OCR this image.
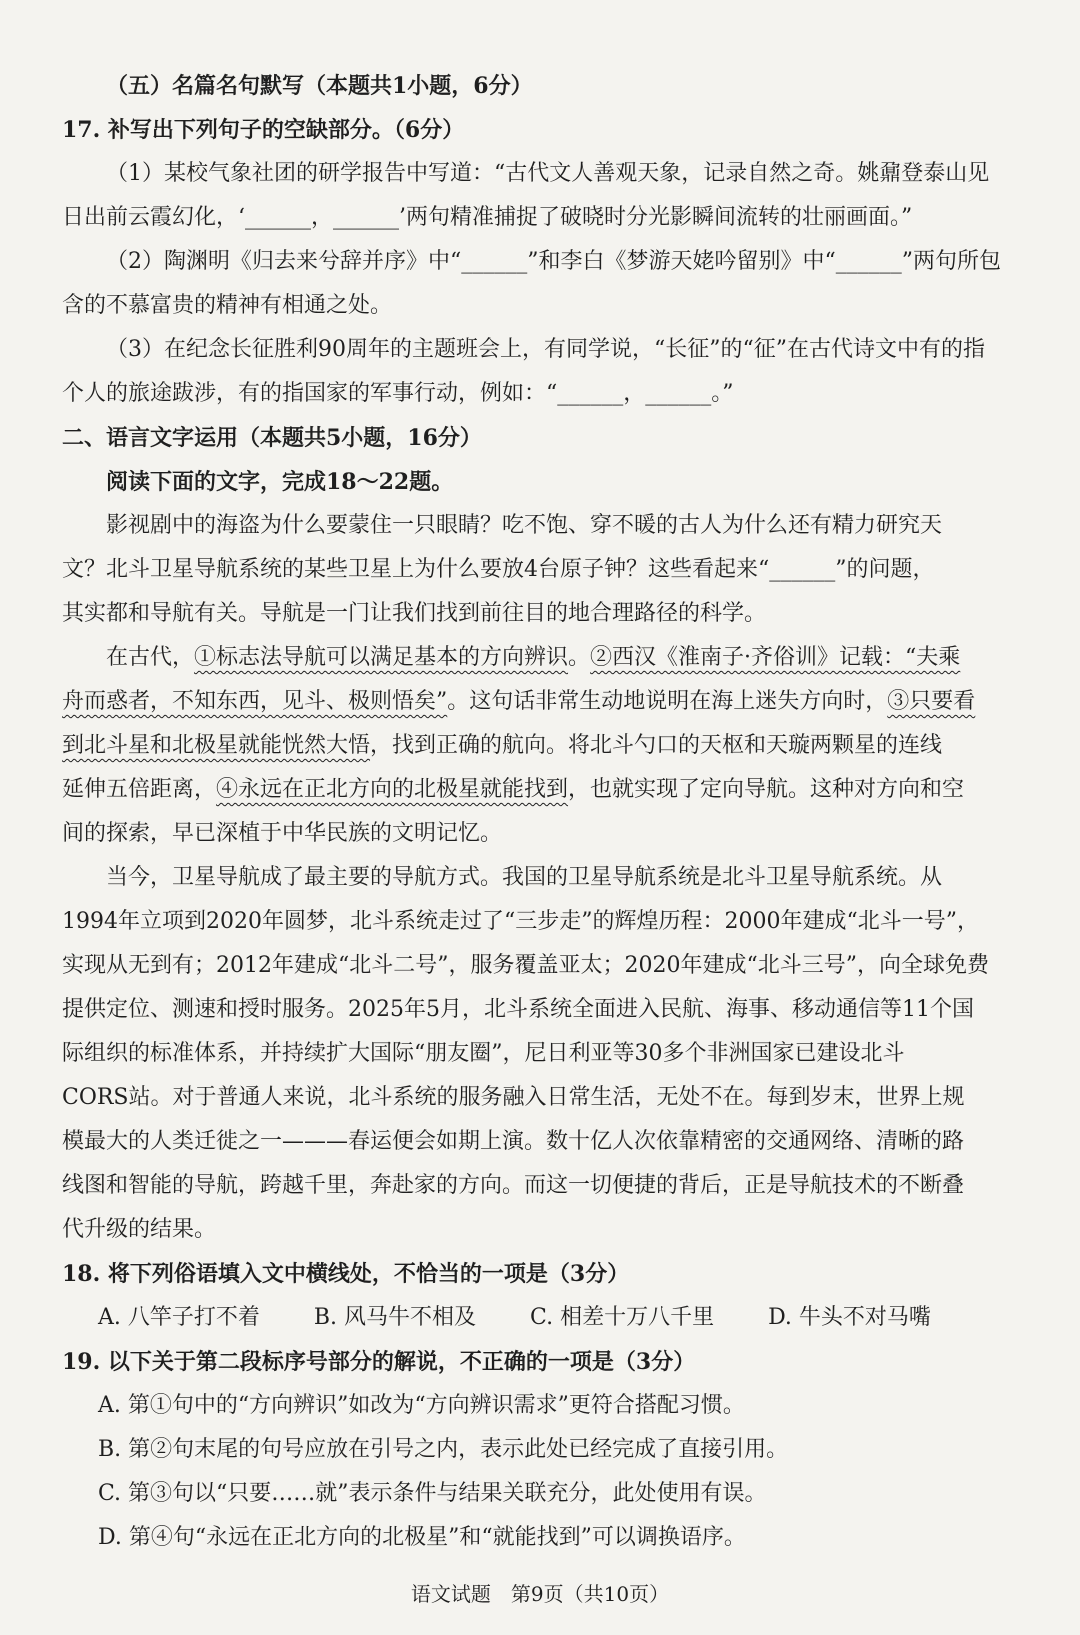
（五）名篇名句默写（本题共1小题，6分）
17. 补写出下列句子的空缺部分。（6分）
（1）某校气象社团的研学报告中写道：“古代文人善观天象，记录自然之奇。姚鼐登泰山见
日出前云霞幻化，‘______，______’两句精准捕捉了破晓时分光影瞬间流转的壮丽画面。”
（2）陶渊明《归去来兮辞并序》中“______”和李白《梦游天姥吟留别》中“______”两句所包
含的不慕富贵的精神有相通之处。
（3）在纪念长征胜利90周年的主题班会上，有同学说，“长征”的“征”在古代诗文中有的指
个人的旅途跋涉，有的指国家的军事行动，例如：“______，______。”
二、语言文字运用（本题共5小题，16分）
阅读下面的文字，完成18～22题。
影视剧中的海盗为什么要蒙住一只眼睛？吃不饱、穿不暖的古人为什么还有精力研究天
文？北斗卫星导航系统的某些卫星上为什么要放4台原子钟？这些看起来“______”的问题，
其实都和导航有关。导航是一门让我们找到前往目的地合理路径的科学。
在古代，①标志法导航可以满足基本的方向辨识。②西汉《淮南子·齐俗训》记载：“夫乘
舟而惑者，不知东西，见斗、极则悟矣”。这句话非常生动地说明在海上迷失方向时，③只要看
到北斗星和北极星就能恍然大悟，找到正确的航向。将北斗勺口的天枢和天璇两颗星的连线
延伸五倍距离，④永远在正北方向的北极星就能找到，也就实现了定向导航。这种对方向和空
间的探索，早已深植于中华民族的文明记忆。
当今，卫星导航成了最主要的导航方式。我国的卫星导航系统是北斗卫星导航系统。从
1994年立项到2020年圆梦，北斗系统走过了“三步走”的辉煌历程：2000年建成“北斗一号”，
实现从无到有；2012年建成“北斗二号”，服务覆盖亚太；2020年建成“北斗三号”，向全球免费
提供定位、测速和授时服务。2025年5月，北斗系统全面进入民航、海事、移动通信等11个国
际组织的标准体系，并持续扩大国际“朋友圈”，尼日利亚等30多个非洲国家已建设北斗
CORS站。对于普通人来说，北斗系统的服务融入日常生活，无处不在。每到岁末，世界上规
模最大的人类迁徙之一———春运便会如期上演。数十亿人次依靠精密的交通网络、清晰的路
线图和智能的导航，跨越千里，奔赴家的方向。而这一切便捷的背后，正是导航技术的不断叠
代升级的结果。
18. 将下列俗语填入文中横线处，不恰当的一项是（3分）
A. 八竿子打不着 B. 风马牛不相及 C. 相差十万八千里 D. 牛头不对马嘴
19. 以下关于第二段标序号部分的解说，不正确的一项是（3分）
A. 第①句中的“方向辨识”如改为“方向辨识需求”更符合搭配习惯。
B. 第②句末尾的句号应放在引号之内，表示此处已经完成了直接引用。
C. 第③句以“只要……就”表示条件与结果关联充分，此处使用有误。
语文试题　第9页（共10页）
D. 第④句“永远在正北方向的北极星”和“就能找到”可以调换语序。
